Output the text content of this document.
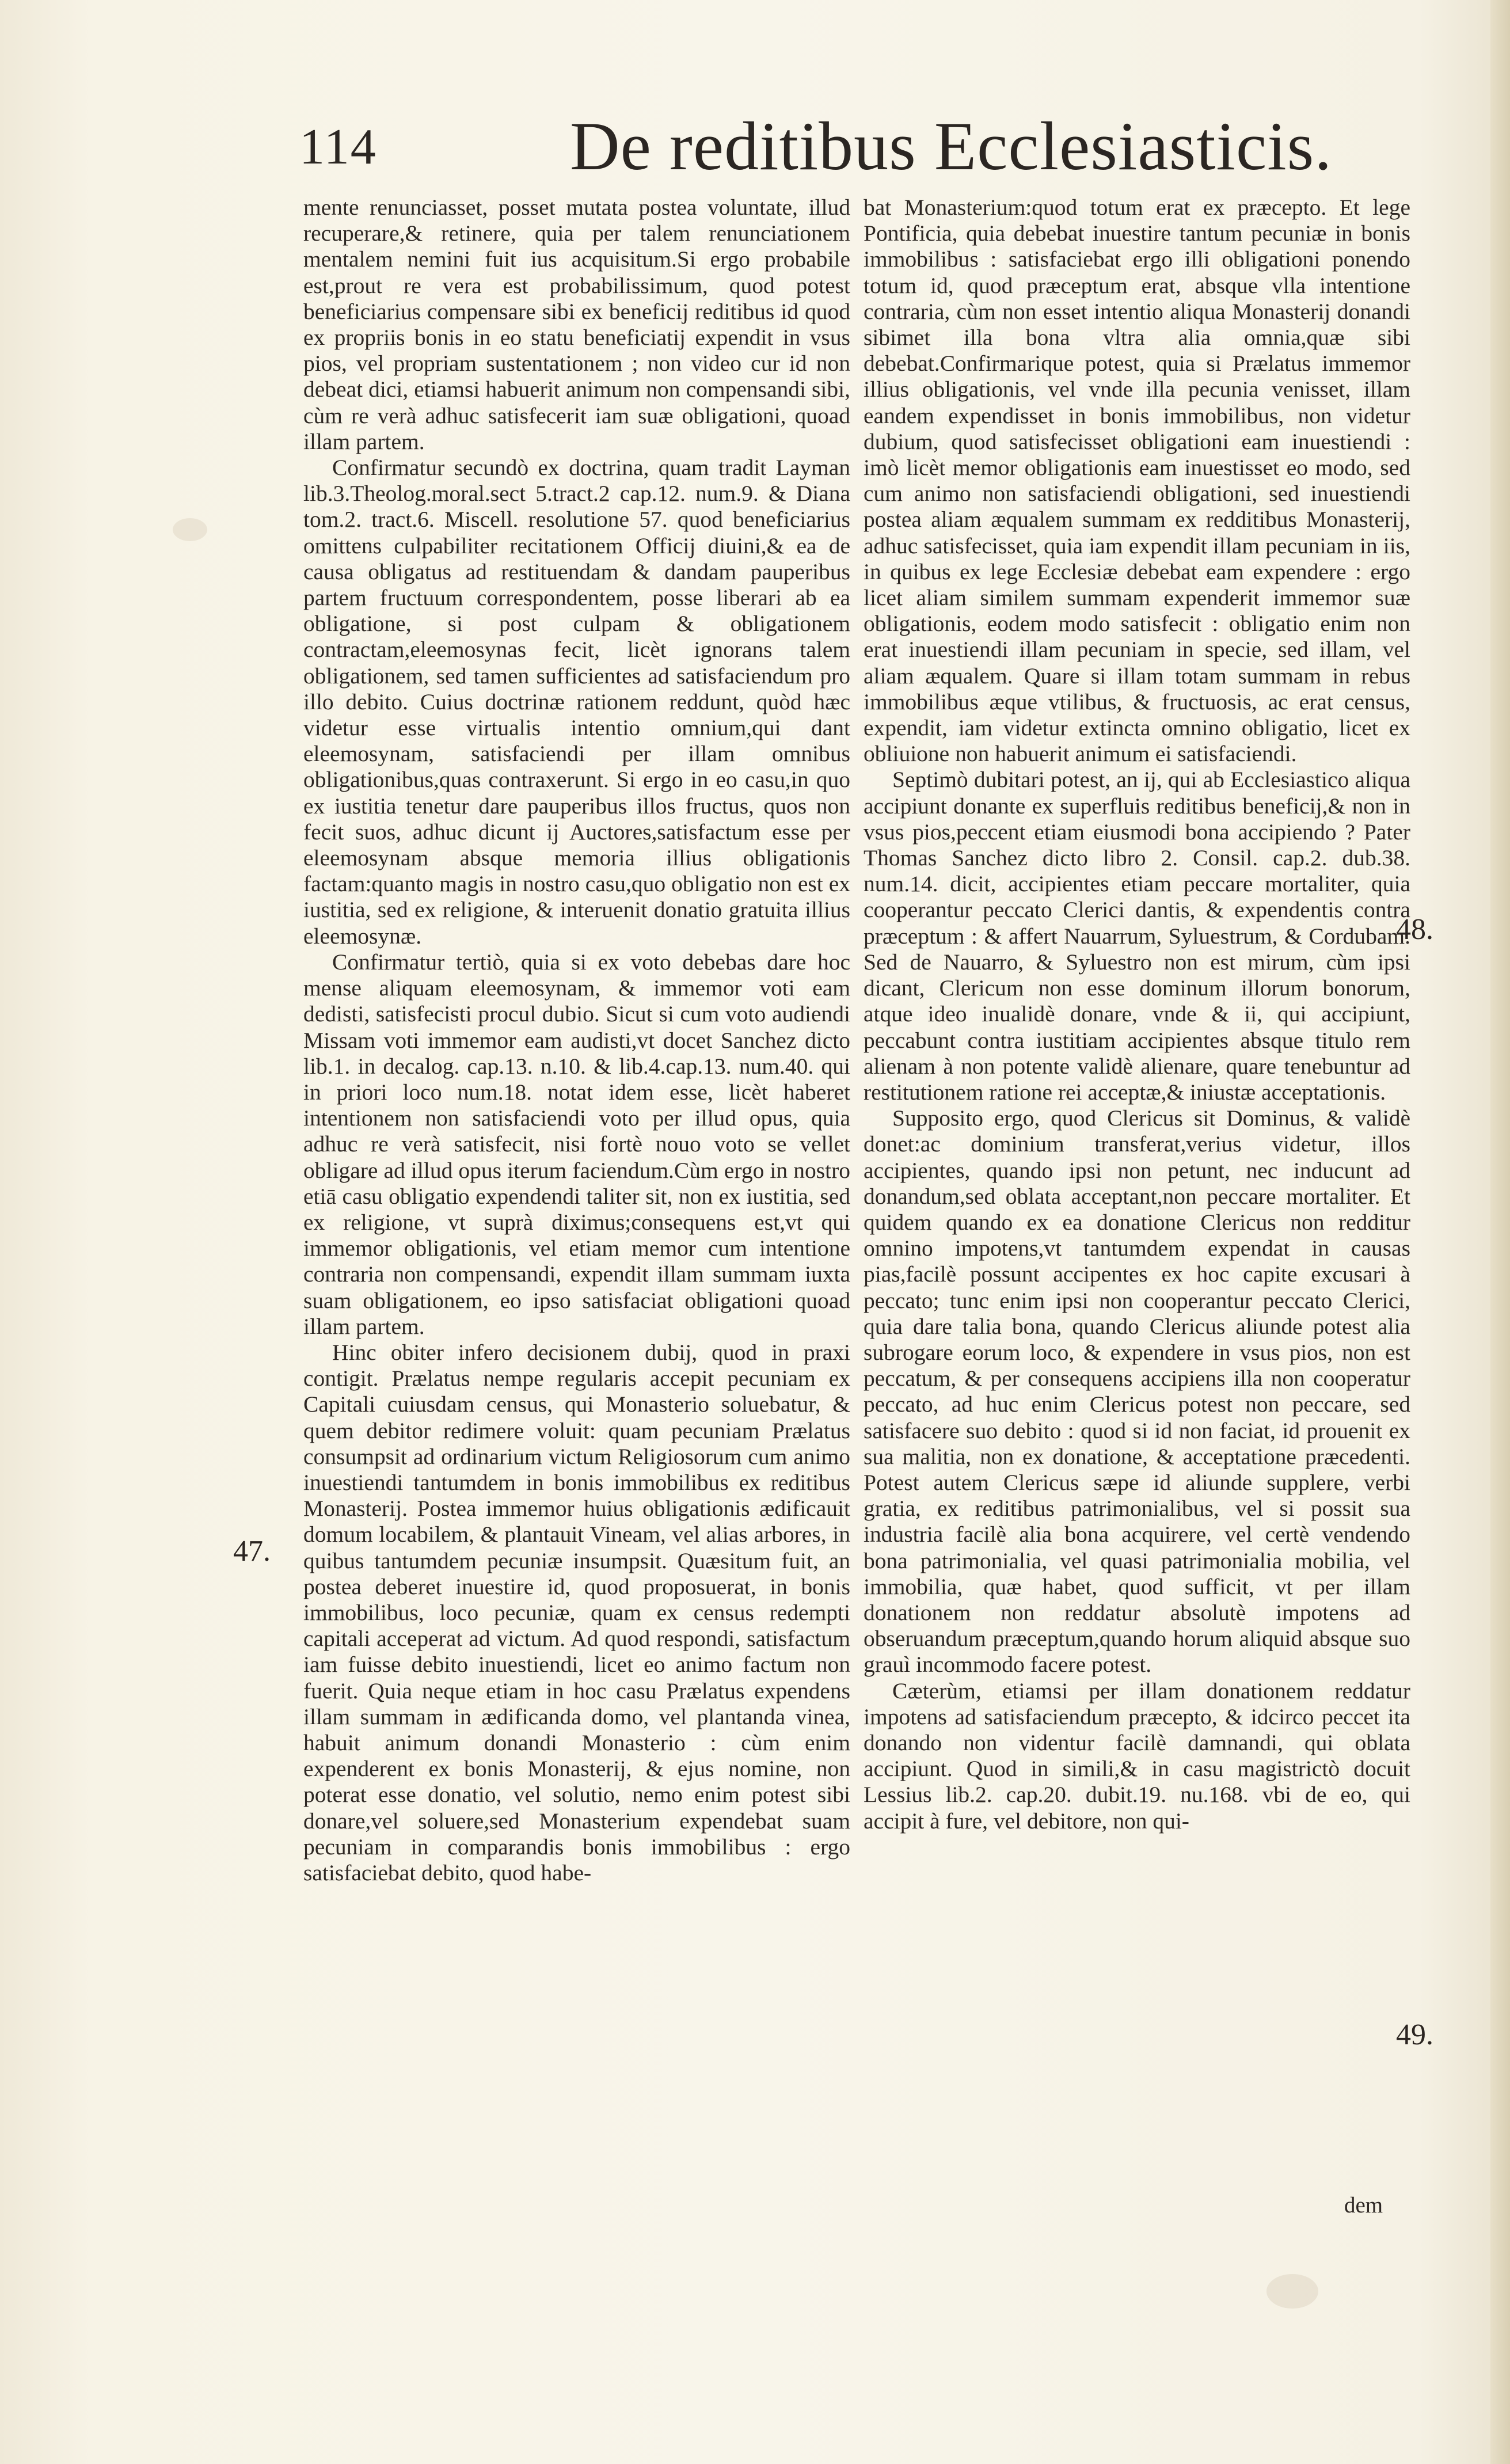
114	De reditibus Ecclesiasticis.

mente renunciasset, posset mutata postea voluntate, illud recuperare,& retinere, quia per talem renunciationem mentalem nemini fuit ius acquisitum.Si ergo probabile est,prout re vera est probabilissimum, quod potest beneficiarius compensare sibi ex beneficij reditibus id quod ex propriis bonis in eo statu beneficiatij expendit in vsus pios, vel propriam sustentationem ; non video cur id non debeat dici, etiamsi habuerit animum non compensandi sibi, cùm re verà adhuc satisfecerit iam suæ obligationi, quoad illam partem.

Confirmatur secundò ex doctrina, quam tradit Layman lib.3.Theolog.moral.sect 5.tract.2 cap.12. num.9. & Diana tom.2. tract.6. Miscell. resolutione 57. quod beneficiarius omittens culpabiliter recitationem Officij diuini,& ea de causa obligatus ad restituendam & dandam pauperibus partem fructuum correspondentem, posse liberari ab ea obligatione, si post culpam & obligationem contractam,eleemosynas fecit, licèt ignorans talem obligationem, sed tamen sufficientes ad satisfaciendum pro illo debito. Cuius doctrinæ rationem reddunt, quòd hæc videtur esse virtualis intentio omnium,qui dant eleemosynam, satisfaciendi per illam omnibus obligationibus,quas contraxerunt. Si ergo in eo casu,in quo ex iustitia tenetur dare pauperibus illos fructus, quos non fecit suos, adhuc dicunt ij Auctores,satisfactum esse per eleemosynam absque memoria illius obligationis factam:quanto magis in nostro casu,quo obligatio non est ex iustitia, sed ex religione, & interuenit donatio gratuita illius eleemosynæ.

Confirmatur tertiò, quia si ex voto debebas dare hoc mense aliquam eleemosynam, & immemor voti eam dedisti, satisfecisti procul dubio. Sicut si cum voto audiendi Missam voti immemor eam audisti,vt docet Sanchez dicto lib.1. in decalog. cap.13. n.10. & lib.4.cap.13. num.40. qui in priori loco num.18. notat idem esse, licèt haberet intentionem non satisfaciendi voto per illud opus, quia adhuc re verà satisfecit, nisi fortè nouo voto se vellet obligare ad illud opus iterum faciendum.Cùm ergo in nostro etiā casu obligatio expendendi taliter sit, non ex iustitia, sed ex religione, vt suprà diximus;consequens est,vt qui immemor obligationis, vel etiam memor cum intentione contraria non compensandi, expendit illam summam iuxta suam obligationem, eo ipso satisfaciat obligationi quoad illam partem.

Hinc obiter infero decisionem dubij, quod in praxi contigit. Prælatus nempe regularis accepit pecuniam ex Capitali cuiusdam census, qui Monasterio soluebatur, & quem debitor redimere voluit: quam pecuniam Prælatus consumpsit ad ordinarium victum Religiosorum cum animo inuestiendi tantumdem in bonis immobilibus ex reditibus Monasterij. Postea immemor huius obligationis ædificauit domum locabilem, & plantauit Vineam, vel alias arbores, in quibus tantumdem pecuniæ insumpsit. Quæsitum fuit, an postea deberet inuestire id, quod proposuerat, in bonis immobilibus, loco pecuniæ, quam ex census redempti capitali acceperat ad victum. Ad quod respondi, satisfactum iam fuisse debito inuestiendi, licet eo animo factum non fuerit. Quia neque etiam in hoc casu Prælatus expendens illam summam in ædificanda domo, vel plantanda vinea, habuit animum donandi Monasterio : cùm enim expenderent ex bonis Monasterij, & ejus nomine, non poterat esse donatio, vel solutio, nemo enim potest sibi donare,vel soluere,sed Monasterium expendebat suam pecuniam in comparandis bonis immobilibus : ergo satisfaciebat debito, quod habe-

bat Monasterium:quod totum erat ex præcepto. Et lege Pontificia, quia debebat inuestire tantum pecuniæ in bonis immobilibus : satisfaciebat ergo illi obligationi ponendo totum id, quod præceptum erat, absque vlla intentione contraria, cùm non esset intentio aliqua Monasterij donandi sibimet illa bona vltra alia omnia,quæ sibi debebat.Confirmarique potest, quia si Prælatus immemor illius obligationis, vel vnde illa pecunia venisset, illam eandem expendisset in bonis immobilibus, non videtur dubium, quod satisfecisset obligationi eam inuestiendi : imò licèt memor obligationis eam inuestisset eo modo, sed cum animo non satisfaciendi obligationi, sed inuestiendi postea aliam æqualem summam ex redditibus Monasterij, adhuc satisfecisset, quia iam expendit illam pecuniam in iis, in quibus ex lege Ecclesiæ debebat eam expendere : ergo licet aliam similem summam expenderit immemor suæ obligationis, eodem modo satisfecit : obligatio enim non erat inuestiendi illam pecuniam in specie, sed illam, vel aliam æqualem. Quare si illam totam summam in rebus immobilibus æque vtilibus, & fructuosis, ac erat census, expendit, iam videtur extincta omnino obligatio, licet ex obliuione non habuerit animum ei satisfaciendi.

Septimò dubitari potest, an ij, qui ab Ecclesiastico aliqua accipiunt donante ex superfluis reditibus beneficij,& non in vsus pios,peccent etiam eiusmodi bona accipiendo ? Pater Thomas Sanchez dicto libro 2. Consil. cap.2. dub.38. num.14. dicit, accipientes etiam peccare mortaliter, quia cooperantur peccato Clerici dantis, & expendentis contra præceptum : & affert Nauarrum, Syluestrum, & Cordubam. Sed de Nauarro, & Syluestro non est mirum, cùm ipsi dicant, Clericum non esse dominum illorum bonorum, atque ideo inualidè donare, vnde & ii, qui accipiunt, peccabunt contra iustitiam accipientes absque titulo rem alienam à non potente validè alienare, quare tenebuntur ad restitutionem ratione rei acceptæ,& iniustæ acceptationis.

Supposito ergo, quod Clericus sit Dominus, & validè donet:ac dominium transferat,verius videtur, illos accipientes, quando ipsi non petunt, nec inducunt ad donandum,sed oblata acceptant,non peccare mortaliter. Et quidem quando ex ea donatione Clericus non redditur omnino impotens,vt tantumdem expendat in causas pias,facilè possunt accipentes ex hoc capite excusari à peccato; tunc enim ipsi non cooperantur peccato Clerici, quia dare talia bona, quando Clericus aliunde potest alia subrogare eorum loco, & expendere in vsus pios, non est peccatum, & per consequens accipiens illa non cooperatur peccato, ad huc enim Clericus potest non peccare, sed satisfacere suo debito : quod si id non faciat, id prouenit ex sua malitia, non ex donatione, & acceptatione præcedenti. Potest autem Clericus sæpe id aliunde supplere, verbi gratia, ex reditibus patrimonialibus, vel si possit sua industria facilè alia bona acquirere, vel certè vendendo bona patrimonialia, vel quasi patrimonialia mobilia, vel immobilia, quæ habet, quod sufficit, vt per illam donationem non reddatur absolutè impotens ad obseruandum præceptum,quando horum aliquid absque suo grauì incommodo facere potest.

Cæterùm, etiamsi per illam donationem reddatur impotens ad satisfaciendum præcepto, & idcirco peccet ita donando non videntur facilè damnandi, qui oblata accipiunt. Quod in simili,& in casu magistrictò docuit Lessius lib.2. cap.20. dubit.19. nu.168. vbi de eo, qui accipit à fure, vel debitore, non qui-

47.
48.
49.
dem
